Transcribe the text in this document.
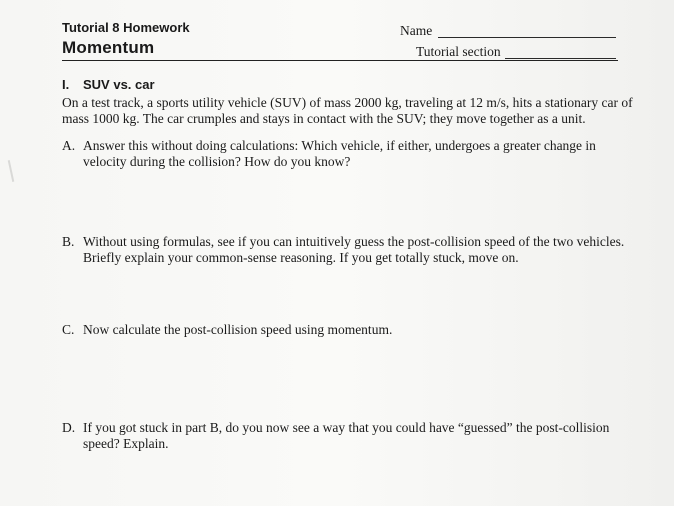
Tutorial 8 Homework
Momentum
Name
Tutorial section
I. SUV vs. car
On a test track, a sports utility vehicle (SUV) of mass 2000 kg, traveling at 12 m/s, hits a stationary car of
mass 1000 kg. The car crumples and stays in contact with the SUV; they move together as a unit.
A. Answer this without doing calculations: Which vehicle, if either, undergoes a greater change in
velocity during the collision? How do you know?
B. Without using formulas, see if you can intuitively guess the post-collision speed of the two vehicles.
Briefly explain your common-sense reasoning. If you get totally stuck, move on.
C. Now calculate the post-collision speed using momentum.
D. If you got stuck in part B, do you now see a way that you could have “guessed” the post-collision
speed? Explain.
